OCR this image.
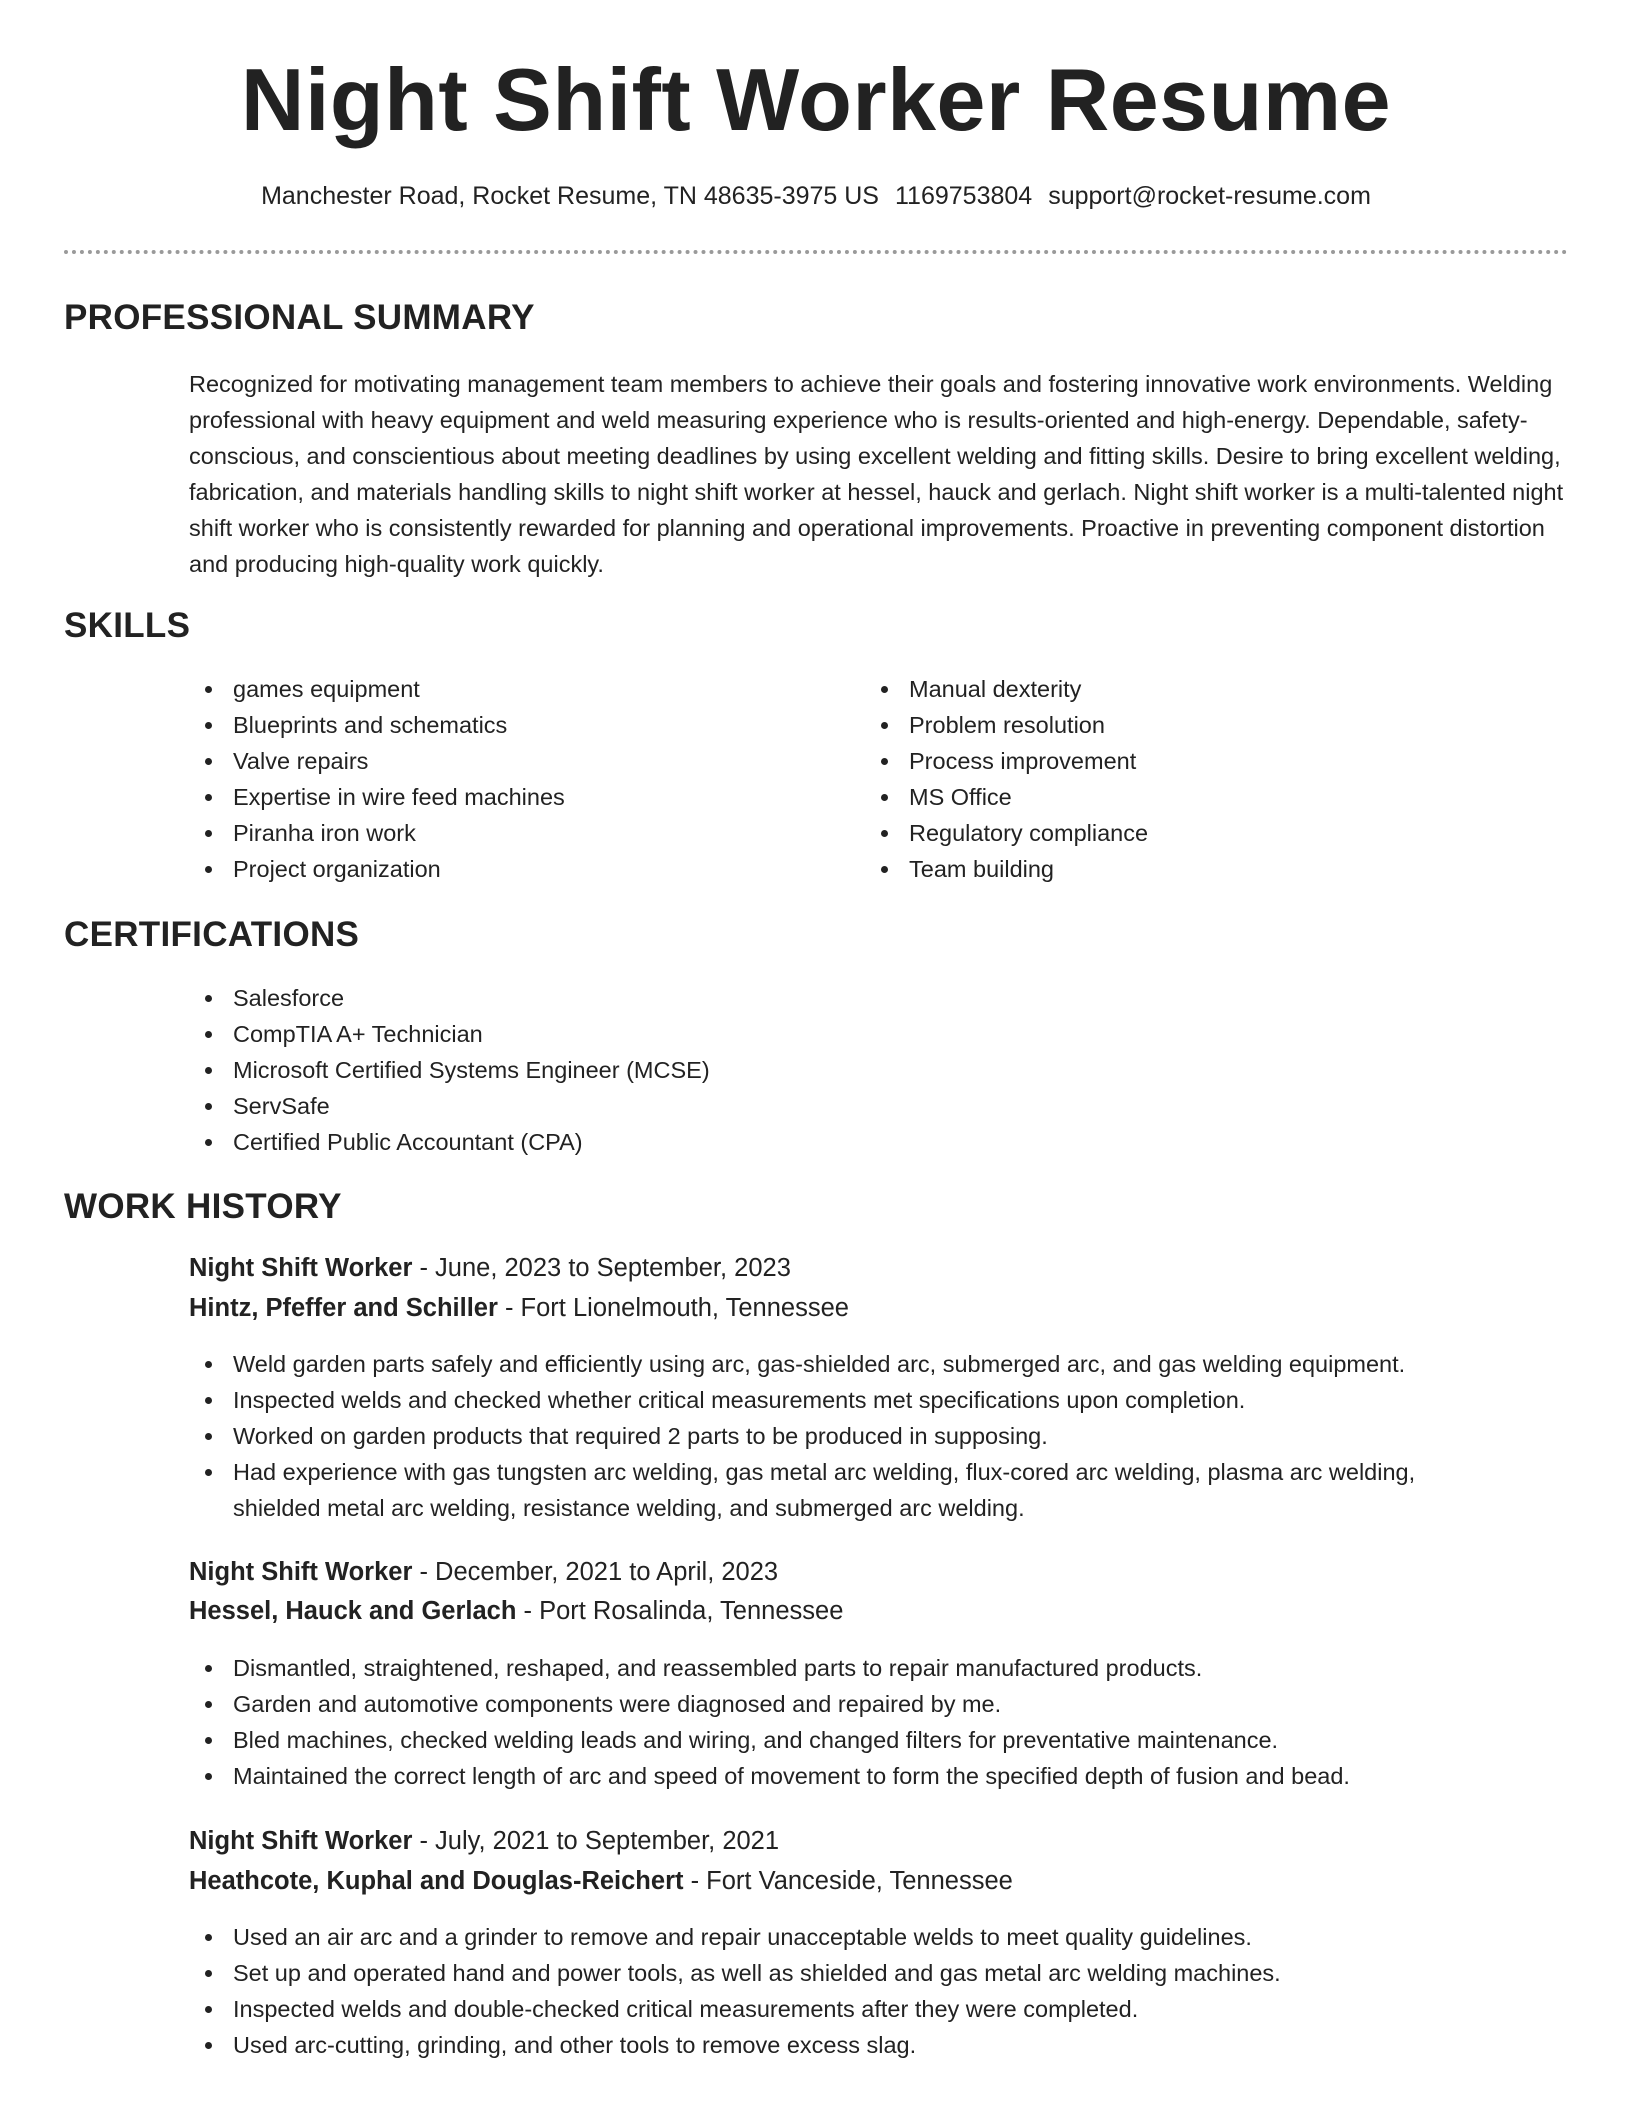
Night Shift Worker Resume
Manchester Road, Rocket Resume, TN 48635-3975 US 1169753804 support@rocket-resume.com
PROFESSIONAL SUMMARY

Recognized for motivating management team members to achieve their goals and fostering innovative work environments. Welding professional with heavy equipment and weld measuring experience who is results-oriented and high-energy. Dependable, safety-conscious, and conscientious about meeting deadlines by using excellent welding and fitting skills. Desire to bring excellent welding, fabrication, and materials handling skills to night shift worker at hessel, hauck and gerlach. Night shift worker is a multi-talented night shift worker who is consistently rewarded for planning and operational improvements. Proactive in preventing component distortion and producing high-quality work quickly.

SKILLS
games equipment
Blueprints and schematics
Valve repairs
Expertise in wire feed machines
Piranha iron work
Project organization
Manual dexterity
Problem resolution
Process improvement
MS Office
Regulatory compliance
Team building
CERTIFICATIONS
Salesforce
CompTIA A+ Technician
Microsoft Certified Systems Engineer (MCSE)
ServSafe
Certified Public Accountant (CPA)
WORK HISTORY
Night Shift Worker - June, 2023 to September, 2023
Hintz, Pfeffer and Schiller - Fort Lionelmouth, Tennessee
Weld garden parts safely and efficiently using arc, gas-shielded arc, submerged arc, and gas welding equipment.
Inspected welds and checked whether critical measurements met specifications upon completion.
Worked on garden products that required 2 parts to be produced in supposing.
Had experience with gas tungsten arc welding, gas metal arc welding, flux-cored arc welding, plasma arc welding, shielded metal arc welding, resistance welding, and submerged arc welding.
Night Shift Worker - December, 2021 to April, 2023
Hessel, Hauck and Gerlach - Port Rosalinda, Tennessee
Dismantled, straightened, reshaped, and reassembled parts to repair manufactured products.
Garden and automotive components were diagnosed and repaired by me.
Bled machines, checked welding leads and wiring, and changed filters for preventative maintenance.
Maintained the correct length of arc and speed of movement to form the specified depth of fusion and bead.
Night Shift Worker - July, 2021 to September, 2021
Heathcote, Kuphal and Douglas-Reichert - Fort Vanceside, Tennessee
Used an air arc and a grinder to remove and repair unacceptable welds to meet quality guidelines.
Set up and operated hand and power tools, as well as shielded and gas metal arc welding machines.
Inspected welds and double-checked critical measurements after they were completed.
Used arc-cutting, grinding, and other tools to remove excess slag.
